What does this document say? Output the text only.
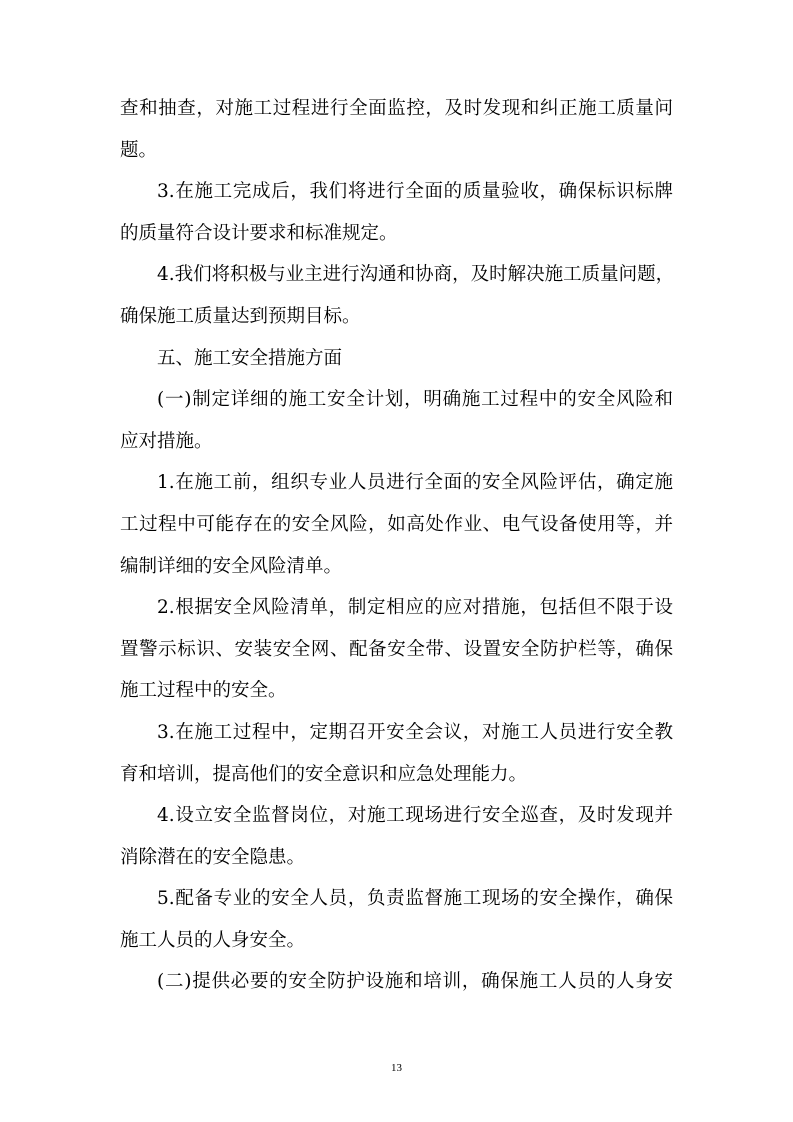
查和抽查，对施工过程进行全面监控，及时发现和纠正施工质量问
题。
3.在施工完成后，我们将进行全面的质量验收，确保标识标牌
的质量符合设计要求和标准规定。
4.我们将积极与业主进行沟通和协商，及时解决施工质量问题，
确保施工质量达到预期目标。
五、施工安全措施方面
(一)制定详细的施工安全计划，明确施工过程中的安全风险和
应对措施。
1.在施工前，组织专业人员进行全面的安全风险评估，确定施
工过程中可能存在的安全风险，如高处作业、电气设备使用等，并
编制详细的安全风险清单。
2.根据安全风险清单，制定相应的应对措施，包括但不限于设
置警示标识、安装安全网、配备安全带、设置安全防护栏等，确保
施工过程中的安全。
3.在施工过程中，定期召开安全会议，对施工人员进行安全教
育和培训，提高他们的安全意识和应急处理能力。
4.设立安全监督岗位，对施工现场进行安全巡查，及时发现并
消除潜在的安全隐患。
5.配备专业的安全人员，负责监督施工现场的安全操作，确保
施工人员的人身安全。
(二)提供必要的安全防护设施和培训，确保施工人员的人身安
13
